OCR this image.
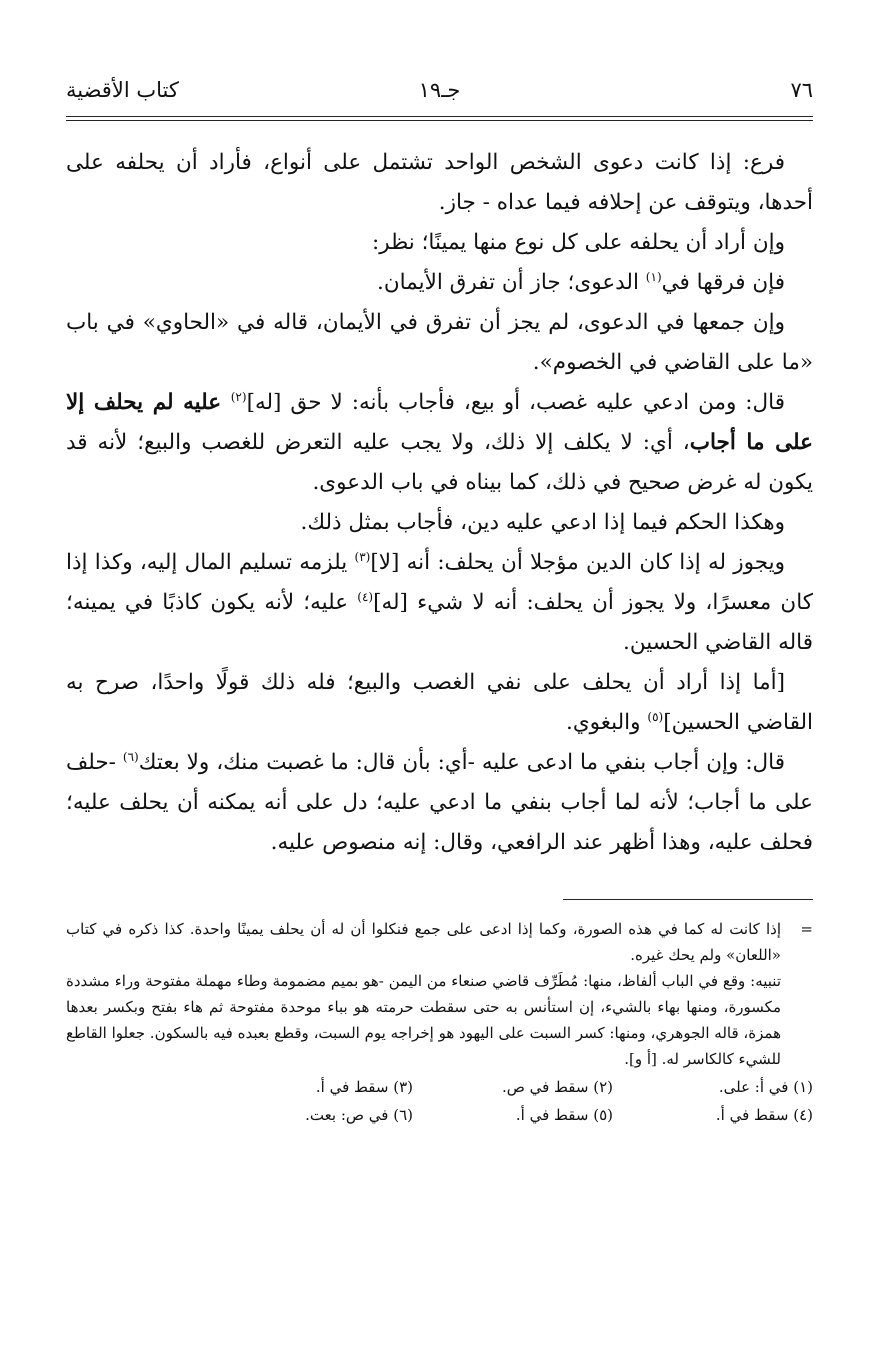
٧٦
جـ١٩
كتاب الأقضية

فرع: إذا كانت دعوى الشخص الواحد تشتمل على أنواع، فأراد أن يحلفه على أحدها، ويتوقف عن إحلافه فيما عداه - جاز.

وإن أراد أن يحلفه على كل نوع منها يمينًا؛ نظر:

فإن فرقها في$^{(١)}$ الدعوى؛ جاز أن تفرق الأيمان.

وإن جمعها في الدعوى، لم يجز أن تفرق في الأيمان، قاله في «الحاوي» في باب «ما على القاضي في الخصوم».

قال: ومن ادعي عليه غصب، أو بيع، فأجاب بأنه: لا حق [له]$^{(٢)}$ عليه لم يحلف إلا على ما أجاب، أي: لا يكلف إلا ذلك، ولا يجب عليه التعرض للغصب والبيع؛ لأنه قد يكون له غرض صحيح في ذلك، كما بيناه في باب الدعوى.

وهكذا الحكم فيما إذا ادعي عليه دين، فأجاب بمثل ذلك.

ويجوز له إذا كان الدين مؤجلا أن يحلف: أنه [لا]$^{(٣)}$ يلزمه تسليم المال إليه، وكذا إذا كان معسرًا، ولا يجوز أن يحلف: أنه لا شيء [له]$^{(٤)}$ عليه؛ لأنه يكون كاذبًا في يمينه؛ قاله القاضي الحسين.

[أما إذا أراد أن يحلف على نفي الغصب والبيع؛ فله ذلك قولًا واحدًا، صرح به القاضي الحسين]$^{(٥)}$ والبغوي.

قال: وإن أجاب بنفي ما ادعى عليه -أي: بأن قال: ما غصبت منك، ولا بعتك$^{(٦)}$ -حلف على ما أجاب؛ لأنه لما أجاب بنفي ما ادعي عليه؛ دل على أنه يمكنه أن يحلف عليه؛ فحلف عليه، وهذا أظهر عند الرافعي، وقال: إنه منصوص عليه.

=

إذا كانت له كما في هذه الصورة، وكما إذا ادعى على جمع فنكلوا أن له أن يحلف يمينًا واحدة. كذا ذكره في كتاب «اللعان» ولم يحك غيره.

تنبيه: وقع في الباب ألفاظ، منها: مُطَرِّف قاضي صنعاء من اليمن -هو بميم مضمومة وطاء مهملة مفتوحة وراء مشددة مكسورة، ومنها بهاء بالشيء، إن استأنس به حتى سقطت حرمته هو بباء موحدة مفتوحة ثم هاء بفتح وبكسر بعدها همزة، قاله الجوهري، ومنها: كسر السبت على اليهود هو إخراجه يوم السبت، وقطع بعبده فيه بالسكون. جعلوا القاطع للشيء كالكاسر له. [أ و].

(١) في أ: على.
(٢) سقط في ص.
(٣) سقط في أ.
(٤) سقط في أ.
(٥) سقط في أ.
(٦) في ص: بعت.
